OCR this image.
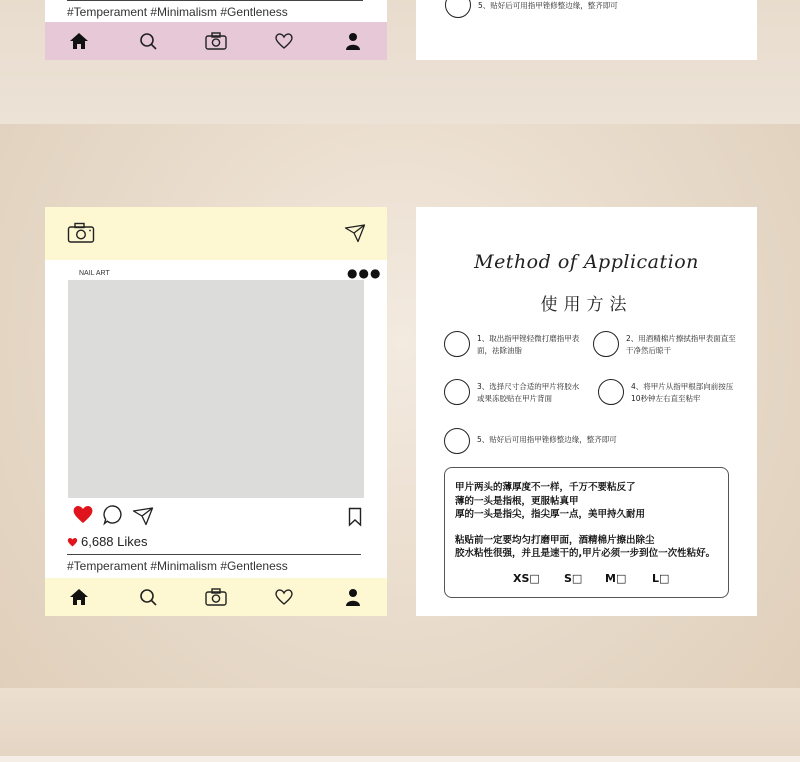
#Temperament #Minimalism #Gentleness	5、贴好后可用指甲锉修整边缘，整齐即可
NAIL ART	●●●
6,688 Likes
#Temperament #Minimalism #Gentleness
Method of Application
使用方法
1、取出指甲锉轻微打磨指甲表
面，祛除油脂
2、用酒精棉片擦拭指甲表面直至
干净然后晾干
3、选择尺寸合适的甲片将胶水
或果冻胶贴在甲片背面
4、将甲片从指甲根部向前按压
10秒钟左右直至粘牢
5、贴好后可用指甲锉修整边缘，整齐即可
甲片两头的薄厚度不一样，千万不要粘反了
薄的一头是指根，更服帖真甲
厚的一头是指尖，指尖厚一点，美甲持久耐用
粘贴前一定要均匀打磨甲面，酒精棉片擦出除尘
胶水粘性很强，并且是速干的,甲片必须一步到位一次性粘好。
XS□ S□ M□ L□
